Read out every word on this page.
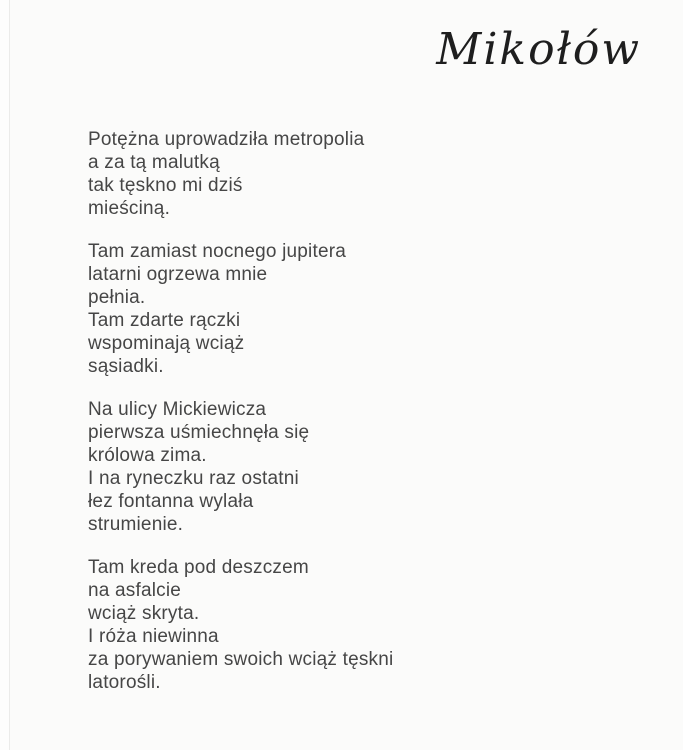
Mikołów
Potężna uprowadziła metropolia
a za tą malutką
tak tęskno mi dziś
mieściną.
Tam zamiast nocnego jupitera
latarni ogrzewa mnie
pełnia.
Tam zdarte rączki
wspominają wciąż
sąsiadki.
Na ulicy Mickiewicza
pierwsza uśmiechnęła się
królowa zima.
I na ryneczku raz ostatni
łez fontanna wylała
strumienie.
Tam kreda pod deszczem
na asfalcie
wciąż skryta.
I róża niewinna
za porywaniem swoich wciąż tęskni
latorośli.
